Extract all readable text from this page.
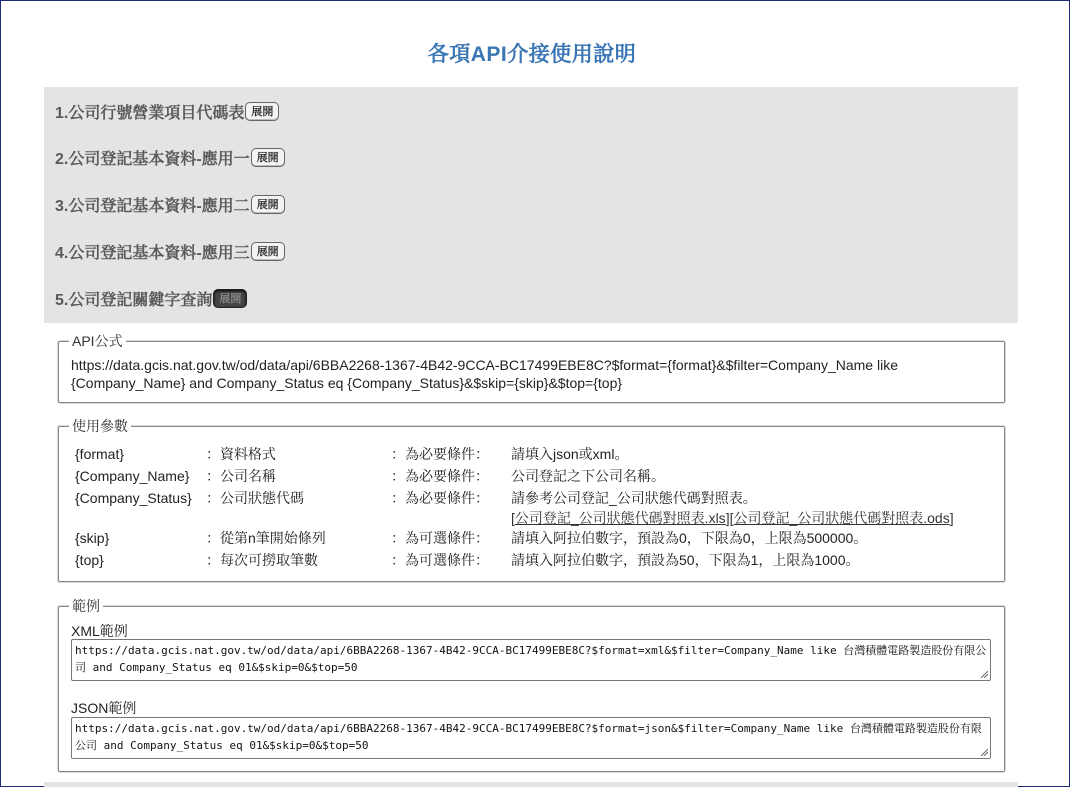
各項API介接使用說明
1.公司行號營業項目代碼表 展開
2.公司登記基本資料-應用一 展開
3.公司登記基本資料-應用二 展開
4.公司登記基本資料-應用三 展開
5.公司登記關鍵字查詢 展開
API公式
https://data.gcis.nat.gov.tw/od/data/api/6BBA2268-1367-4B42-9CCA-BC17499EBE8C?$format={format}&$filter=Company_Name like {Company_Name} and Company_Status eq {Company_Status}&$skip={skip}&$top={top}
使用參數
{format}	：資料格式	：為必要條件： 請填入json或xml。
{Company_Name} ：公司名稱	：為必要條件： 公司登記之下公司名稱。
{Company_Status} ：公司狀態代碼	：為必要條件： 請參考公司登記_公司狀態代碼對照表。
[公司登記_公司狀態代碼對照表.xls][公司登記_公司狀態代碼對照表.ods]
{skip}	：從第n筆開始條列	：為可選條件： 請填入阿拉伯數字，預設為0，下限為0，上限為500000。
{top}	：每次可撈取筆數	：為可選條件： 請填入阿拉伯數字，預設為50，下限為1，上限為1000。
範例
XML範例
https://data.gcis.nat.gov.tw/od/data/api/6BBA2268-1367-4B42-9CCA-BC17499EBE8C?$format=xml&$filter=Company_Name like 台灣積體電路製造股份有限公司 and Company_Status eq 01&$skip=0&$top=50
JSON範例
https://data.gcis.nat.gov.tw/od/data/api/6BBA2268-1367-4B42-9CCA-BC17499EBE8C?$format=json&$filter=Company_Name like 台灣積體電路製造股份有限公司 and Company_Status eq 01&$skip=0&$top=50
